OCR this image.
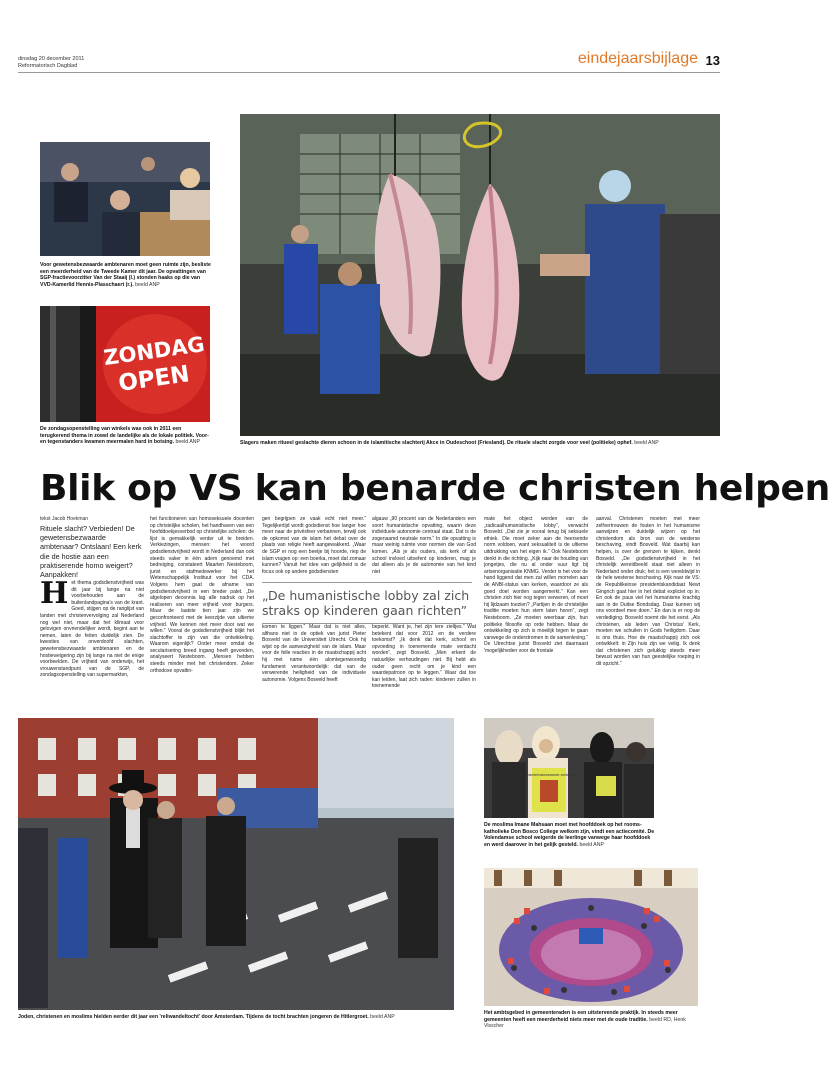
dinsdag 20 december 2011
Reformatorisch Dagblad	eindejaarsbijlage 13
Voor gewetensbezwaarde ambtenaren moet geen ruimte zijn, besliste een meerderheid van de Tweede Kamer dit jaar. De opvattingen van SGP-fractievoorzitter Van der Staaij (l.) stonden haaks op die van VVD-Kamerlid Hennis-Plasschaert (r.). beeld ANP
ZONDAG
OPEN
De zondagsopenstelling van winkels was ook in 2011 een terugkerend thema in zowel de landelijke als de lokale politiek. Voor- en tegenstanders kwamen meermalen hard in botsing. beeld ANP	Slagers maken ritueel geslachte dieren schoon in de islamitische slachterij Akce in Oudeschoot (Friesland). De rituele slacht zorgde voor veel (politieke) ophef. beeld ANP
Blik op VS kan benarde christen helpen
tekst Jacob Hoekman
Rituele slacht? Verbieden! De gewetensbezwaarde ambtenaar? Ontslaan! Een kerk die de hostie aan een praktiserende homo weigert? Aanpakken!
H et thema godsdienstvrijheid was dit jaar bij lange na niet voorbehouden aan de buitenlandpagina's van de krant. Goed, stijgen op de ranglijst van landen met christenvervolging zal Nederland nog wel niet, maar dat het klimaat voor gelovigen onvriendelijker wordt, begint aan te nemen, laten de feiten duidelijk zien. De kwesties van onverdoofd slachten, gewetensbezwaarde ambtenaren en de hostieweigering zijn bij lange na niet de enige voorbeelden. De vrijheid van onderwijs, het vrouwenstandpunt van de SGP, de zondagsopenstelling van supermarkten,
het functioneren van homoseksuele docenten op christelijke scholen, het handhaven van een hoofddoekjesverbod op christelijke scholen: de lijst is gemakkelijk verder uit te breiden. Verkiezingen, mensen: het woord godsdienstvrijheid wordt in Nederland dan ook steeds vaker in één adem genoemd met bedreiging, constateert Maarten Nesteboom, jurist en stafmedewerker bij het Wetenschappelijk Instituut voor het CDA. Volgens hem gaat de afname van godsdienstvrijheid in een breder palet. „De afgelopen decennia lag alle nadruk op het realiseren van meer vrijheid voor burgers. Maar de laatste tien jaar zijn we geconfronteerd met de keerzijde van ultieme vrijheid. We kennen niet meer door wat we willen.” Vooral de godsdienstvrijheid blijkt het slachtoffer te zijn van die ontwikkeling. Waarom eigenlijk? Onder meer omdat de secularisering breed ingang heeft gevonden, analyseert Nesteboom. „Mensen hebben steeds minder met het christendom. Zeker orthodoxe opvattin-
gen begrijpen ze vaak echt niet meer.” Tegelijkertijd wordt godsdienst hoe langer hoe meer naar de privésfeer verbannen, terwijl ook de opkomst van de islam het debat over de plaats van religie heeft aangewakkerd. „Waar de SGP er nog een beetje bij hoorde, riep de islam vragen op: een boerka, moet dat zomaar kunnen? Vanuit het idee van gelijkheid is de focus ook op andere godsdiensten
„De humanistische lobby zal zich straks op kinderen gaan richten”
komen te liggen.” Maar dat is niet alles, althans niet in de optiek van jurist Pieter Bosveld van de Universiteit Utrecht. Ook hij wijst op de aanwezigheid van de islam. Maar voor de felle reacties in de maatschappij acht hij met name één alomtegenwoordig fundament verantwoordelijk: dat van de verwerende heiligheid van de individuele autonomie. Volgens Bosveld heeft
algauw „90 procent van de Nederlanders een soort humanistische opvatting, waarin deze individuele autonomie centraal staat. Dat is de zogenaamd neutrale norm.” In die opvatting is maar weinig ruimte voor normen die van God komen. „Als je als ouders, als kerk of als school invloed uitoefent op kinderen, mag je dat alleen als je de autonomie van het kind niet
beperkt. Want je, het zijn tere zieltjes.” Wat betekent dat voor 2012 en de verdere toekomst? „Ik denk dat kerk, school en opvoeding in toenemende mate verdacht worden”, zegt Bosveld. „Men erkent de natuurlijke verhoudingen niet. Bij hebt als ouder geen recht om je kind een waardepatroon op te leggen.” Waar dat toe kan leiden, laat zich raden: kinderen zullen in toenemende
mate het object worden van de „radicaalhumanistische lobby”, verwacht Bosveld. „Dat zie je vooral terug bij seksuele ethiek. Die moet zeker aan de heersende norm voldoen, want seksualiteit is de ultieme uitdrukking van het eigen ik.” Ook Nesteboom denkt in die richting. „Kijk naar de houding van jongetjes, die nu al onder vuur ligt bij artsenorganisatie KNMG. Verder is het voor de hand liggend dat men zal willen morrelen aan de ANBI-status van kerken, waardoor ze als goed doel worden aangemerkt.” Kan een christen zich hier nog tegen verweren, of moet hij lijdzaam toezien? „Partijen in de christelijke traditie moeten hun stem laten horen”, zegt Nesteboom. „Ze moeten weerbaar zijn, hun politieke filosofie op orde hebben. Maar de ontwikkeling op zich is moeilijk tegen te gaan vanwege de onderstromen in de samenleving.” De Utrechtse jurist Bosveld ziet daarnaast 'mogelijkheden voor de frontale
aanval. Christenen moeten met meer zelfvertrouwen de fouten in het humanisme aanwijzen en duidelijk wijzen op het christendom als bron van de westerse beschaving, vindt Bosveld. Wat daarbij kan helpen, is over de grenzen te kijken, denkt Bosveld. „De godsdienstvrijheid in het christelijk wereldbeeld staat niet alleen in Nederland onder druk; het is een wereldwijd in de hele westerse beschaving. Kijk naar de VS: de Republikeinse presidentskandidaat Newt Gingrich gaat hier in het debat expliciet op in. En ook de paus viel het humanisme krachtig aan in de Duitse Bondsdag. Daar kunnen wij ons voordeel mee doen.” En dan is er nog de verdediging. Bosveld noemt die het eerst. „Als christenen, als leden van Christus' Kerk, moeten we schuilen in Gods heiligdom. Daar is ons thuis. Hoe de maatschappij zich ook ontwikkelt: in Zijn huis zijn we veilig. Ik denk dat christenen zich gelukkig steeds meer bewust worden van hun geestelijke roeping in dit opzicht.”
Joden, christenen en moslims hielden eerder dit jaar een 'reliwandeltocht' door Amsterdam. Tijdens de tocht brachten jongeren de Hitlergroet. beeld ANP
De gewetensbezwaarde ambtenaar
De moslima Imane Mahsaan moet met hoofddoek op het rooms-katholieke Don Bosco College welkom zijn, vindt een actiecomité. De Volendamse school weigerde de leerlinge vanwege haar hoofddoek en werd daarover in het gelijk gesteld. beeld ANP
Het ambtsgebed in gemeenteraden is een uitstervende praktijk. In steeds meer gemeenten heeft een meerderheid niets meer met de oude traditie. beeld RD, Henk Visscher
